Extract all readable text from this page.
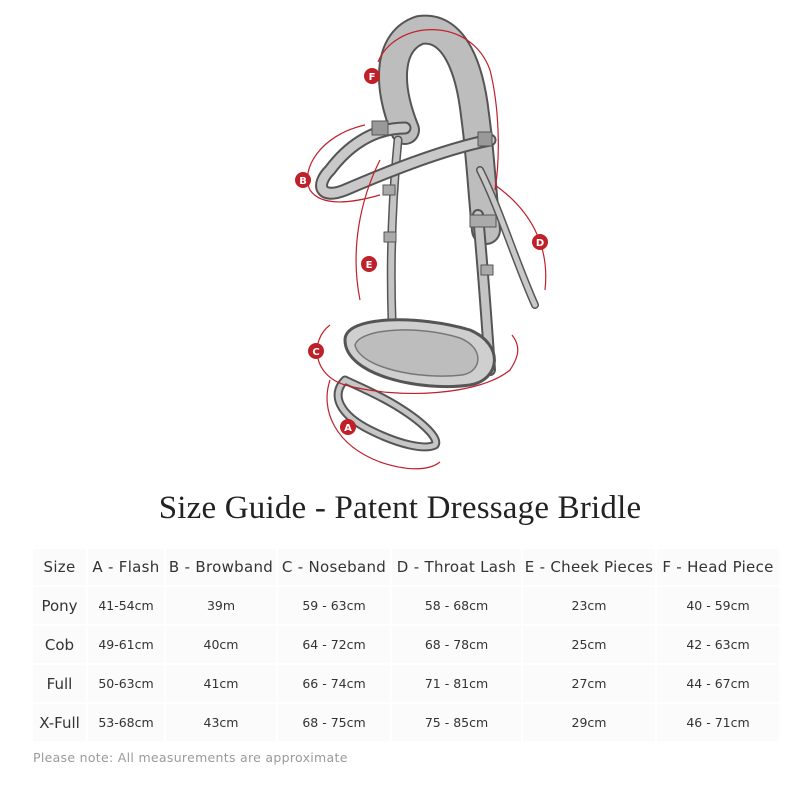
F
B
D
E
C
A
Size Guide - Patent Dressage Bridle
Size	A - Flash	B - Browband	C - Noseband	D - Throat Lash	E - Cheek Pieces	F - Head Piece
Pony	41-54cm	39m	59 - 63cm	58 - 68cm	23cm	40 - 59cm
Cob	49-61cm	40cm	64 - 72cm	68 - 78cm	25cm	42 - 63cm
Full	50-63cm	41cm	66 - 74cm	71 - 81cm	27cm	44 - 67cm
X-Full	53-68cm	43cm	68 - 75cm	75 - 85cm	29cm	46 - 71cm
Please note: All measurements are approximate
